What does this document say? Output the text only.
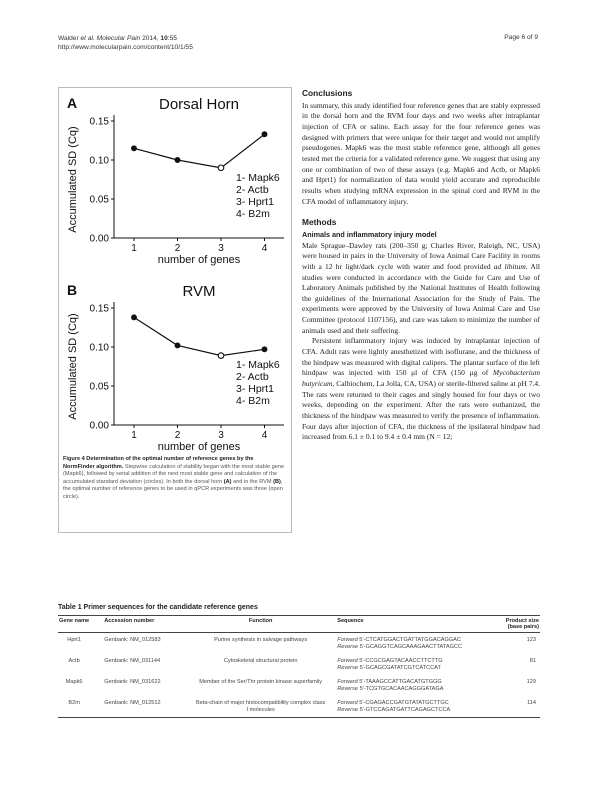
Walder et al. Molecular Pain 2014, 10:55
http://www.molecularpain.com/content/10/1/55
Page 6 of 9
A	Dorsal Horn
0.00
0.05
0.10
0.15
1	2	3	4
number of genes
Accumulated SD (Cq)	1- Mapk6
2- Actb
3- Hprt1
4- B2m
B	RVM
0.00
0.05
0.10
0.15
1	2	3	4
number of genes
Accumulated SD (Cq)	1- Mapk6
2- Actb
3- Hprt1
4- B2m
Figure 4 Determination of the optimal number of reference genes by the NormFinder algorithm. Stepwise calculation of stability began with the most stable gene (Mapk6), followed by serial addition of the next most stable gene and calculation of the accumulated standard deviation (circles). In both the dorsal horn (A) and in the RVM (B), the optimal number of reference genes to be used in qPCR experiments was three (open circle).
Conclusions

In summary, this study identified four reference genes that are stably expressed in the dorsal horn and the RVM four days and two weeks after intraplantar injection of CFA or saline. Each assay for the four reference genes was designed with primers that were unique for their target and would not amplify pseudogenes. Mapk6 was the most stable reference gene, although all genes tested met the criteria for a validated reference gene. We suggest that using any one or combination of two of these assays (e.g. Mapk6 and Actb, or Mapk6 and Hprt1) for normalization of data would yield accurate and reproducible results when studying mRNA expression in the spinal cord and RVM in the CFA model of inflammatory injury.

Methods
Animals and inflammatory injury model

Male Sprague–Dawley rats (200–350 g; Charles River, Raleigh, NC, USA) were housed in pairs in the University of Iowa Animal Care Facility in rooms with a 12 hr light/dark cycle with water and food provided ad libitum. All studies were conducted in accordance with the Guide for Care and Use of Laboratory Animals published by the National Institutes of Health following the guidelines of the International Association for the Study of Pain. The experiments were approved by the University of Iowa Animal Care and Use Committee (protocol 1107156), and care was taken to minimize the number of animals used and their suffering.

Persistent inflammatory injury was induced by intraplantar injection of CFA. Adult rats were lightly anesthetized with isoflurane, and the thickness of the hindpaw was measured with digital calipers. The plantar surface of the left hindpaw was injected with 150 μl of CFA (150 μg of Mycobacterium butyricum, Calbiochem, La Jolla, CA, USA) or sterile-filtered saline at pH 7.4. The rats were returned to their cages and singly housed for four days or two weeks, depending on the experiment. After the rats were euthanized, the thickness of the hindpaw was measured to verify the presence of inflammation. Four days after injection of CFA, the thickness of the ipsilateral hindpaw had increased from 6.1 ± 0.1 to 9.4 ± 0.4 mm (N = 12;

Table 1 Primer sequences for the candidate reference genes
Gene name	Accession number	Function	Sequence	Product size (base pairs)
Hprt1	Genbank: NM_012583	Purine synthesis in salvage pathways	Forward 5'-CTCATGGACTGATTATGGACAGGAC
Reverse 5'-GCAGGTCAGCAAAGAACTTATAGCC	123
Actb	Genbank: NM_031144	Cytoskeletal structural protein	Forward 5'-CCGCGAGTACAACCTTCTTG
Reverse 5'-GCAGCGATATCGTCATCCAT	81
Mapk6	Genbank: NM_031622	Member of the Ser/Thr protein kinase superfamily	Forward 5'-TAAAGCCATTGACATGTGGG
Reverse 5'-TCGTGCACAACAGGGATAGA	129
B2m	Genbank: NM_012512	Beta-chain of major histocompatibility complex class I molecules	Forward 5'-CGAGACCGATGTATATGCTTGC
Reverse 5'-GTCCAGATGATTCAGAGCTCCA	114
